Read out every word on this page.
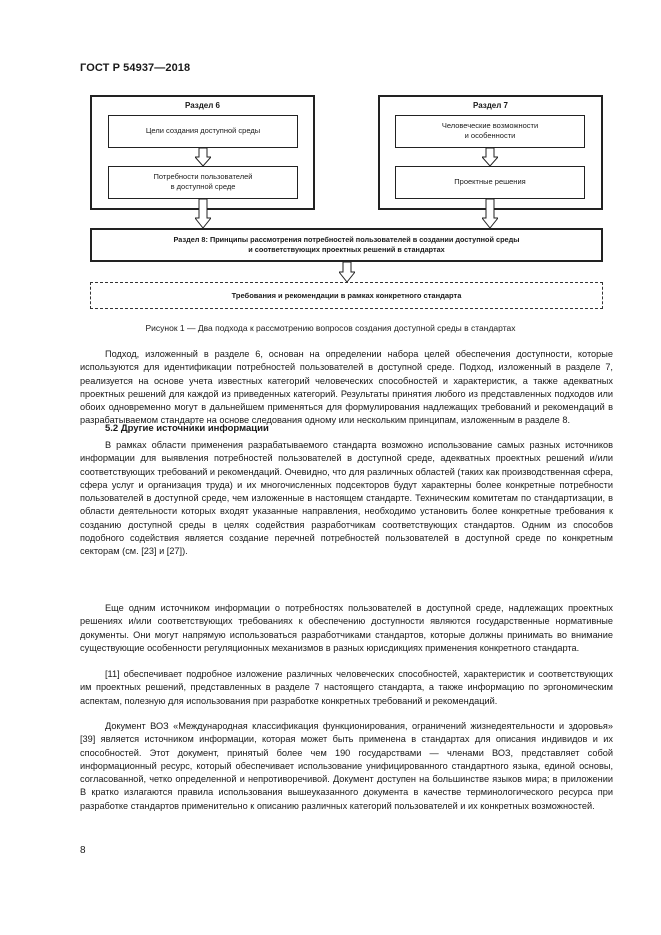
ГОСТ Р 54937—2018
Раздел 6
Цели создания доступной среды
Потребности пользователей
в доступной среде
Раздел 7
Человеческие возможности
и особенности
Проектные решения
Раздел 8: Принципы рассмотрения потребностей пользователей в создании доступной среды
и соответствующих проектных решений в стандартах
Требования и рекомендации в рамках конкретного стандарта
Рисунок 1 — Два подхода к рассмотрению вопросов создания доступной среды в стандартах

Подход, изложенный в разделе 6, основан на определении набора целей обеспечения доступности, которые используются для идентификации потребностей пользователей в доступной среде. Подход, изложенный в разделе 7, реализуется на основе учета известных категорий человеческих способностей и характеристик, а также адекватных проектных решений для каждой из приведенных категорий. Результаты принятия любого из представленных подходов или обоих одновременно могут в дальнейшем применяться для формулирования надлежащих требований и рекомендаций в разрабатываемом стандарте на основе следования одному или нескольким принципам, изложенным в разделе 8.

5.2 Другие источники информации

В рамках области применения разрабатываемого стандарта возможно использование самых разных источников информации для выявления потребностей пользователей в доступной среде, адекватных проектных решений и/или соответствующих требований и рекомендаций. Очевидно, что для различных областей (таких как производственная сфера, сфера услуг и организация труда) и их многочисленных подсекторов будут характерны более конкретные потребности пользователей в доступной среде, чем изложенные в настоящем стандарте. Техническим комитетам по стандартизации, в области деятельности которых входят указанные направления, необходимо установить более конкретные требования к созданию доступной среды в целях содействия разработчикам соответствующих стандартов. Одним из способов подобного содействия является создание перечней потребностей пользователей в доступной среде по конкретным секторам (см. [23] и [27]).

Еще одним источником информации о потребностях пользователей в доступной среде, надлежащих проектных решениях и/или соответствующих требованиях к обеспечению доступности являются государственные нормативные документы. Они могут напрямую использоваться разработчиками стандартов, которые должны принимать во внимание существующие особенности регуляционных механизмов в разных юрисдикциях применения конкретного стандарта.

[11] обеспечивает подробное изложение различных человеческих способностей, характеристик и соответствующих им проектных решений, представленных в разделе 7 настоящего стандарта, а также информацию по эргономическим аспектам, полезную для использования при разработке конкретных требований и рекомендаций.

Документ ВОЗ «Международная классификация функционирования, ограничений жизнедеятельности и здоровья» [39] является источником информации, которая может быть применена в стандартах для описания индивидов и их способностей. Этот документ, принятый более чем 190 государствами — членами ВОЗ, представляет собой информационный ресурс, который обеспечивает использование унифицированного стандартного языка, единой основы, согласованной, четко определенной и непротиворечивой. Документ доступен на большинстве языков мира; в приложении В кратко излагаются правила использования вышеуказанного документа в качестве терминологического ресурса при разработке стандартов применительно к описанию различных категорий пользователей и их конкретных возможностей.

8
